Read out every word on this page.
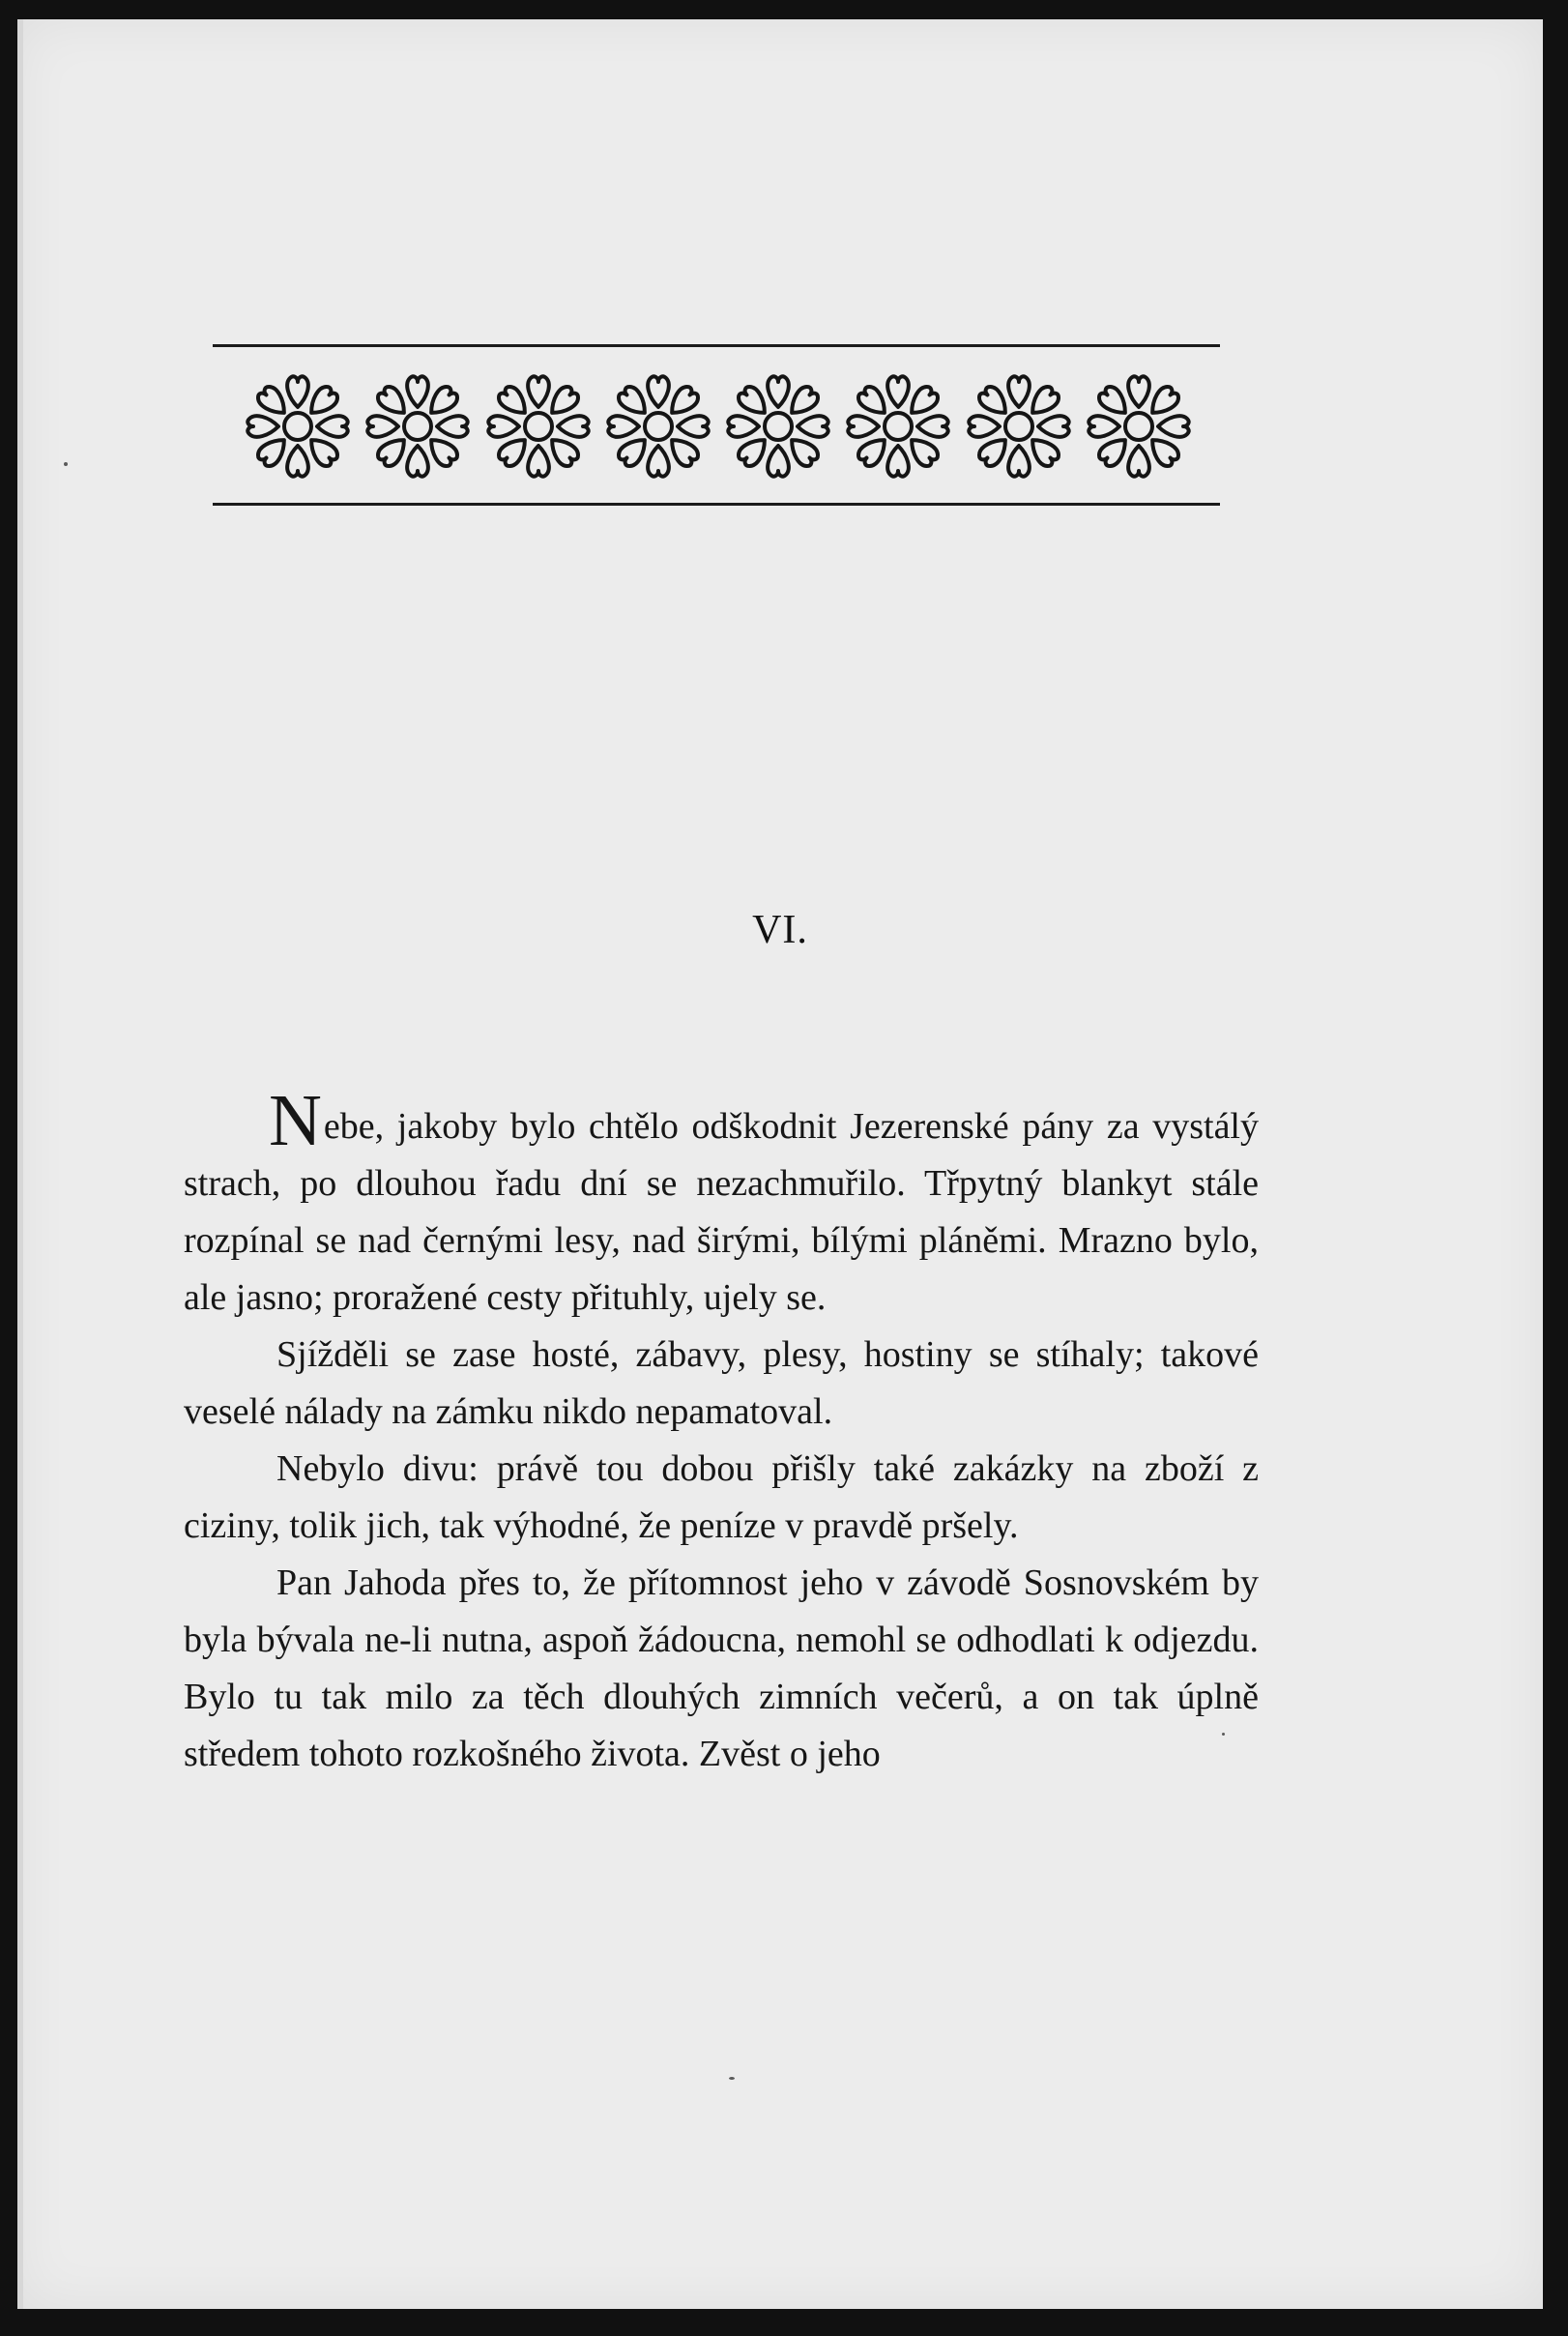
VI.

Nebe, jakoby bylo chtělo odškodnit Jezerenské pány za vystálý strach, po dlouhou řadu dní se nezachmuřilo. Třpytný blankyt stále rozpínal se nad černými lesy, nad širými, bílými pláněmi. Mrazno bylo, ale jasno; proražené cesty přituhly, ujely se.

Sjížděli se zase hosté, zábavy, plesy, hostiny se stíhaly; takové veselé nálady na zámku nikdo nepamatoval.

Nebylo divu: právě tou dobou přišly také zakázky na zboží z ciziny, tolik jich, tak výhodné, že peníze v pravdě pršely.

Pan Jahoda přes to, že přítomnost jeho v závodě Sosnovském by byla bývala ne-li nutna, aspoň žádoucna, nemohl se odhodlati k odjezdu. Bylo tu tak milo za těch dlouhých zimních večerů, a on tak úplně středem tohoto rozkošného života. Zvěst o jeho
